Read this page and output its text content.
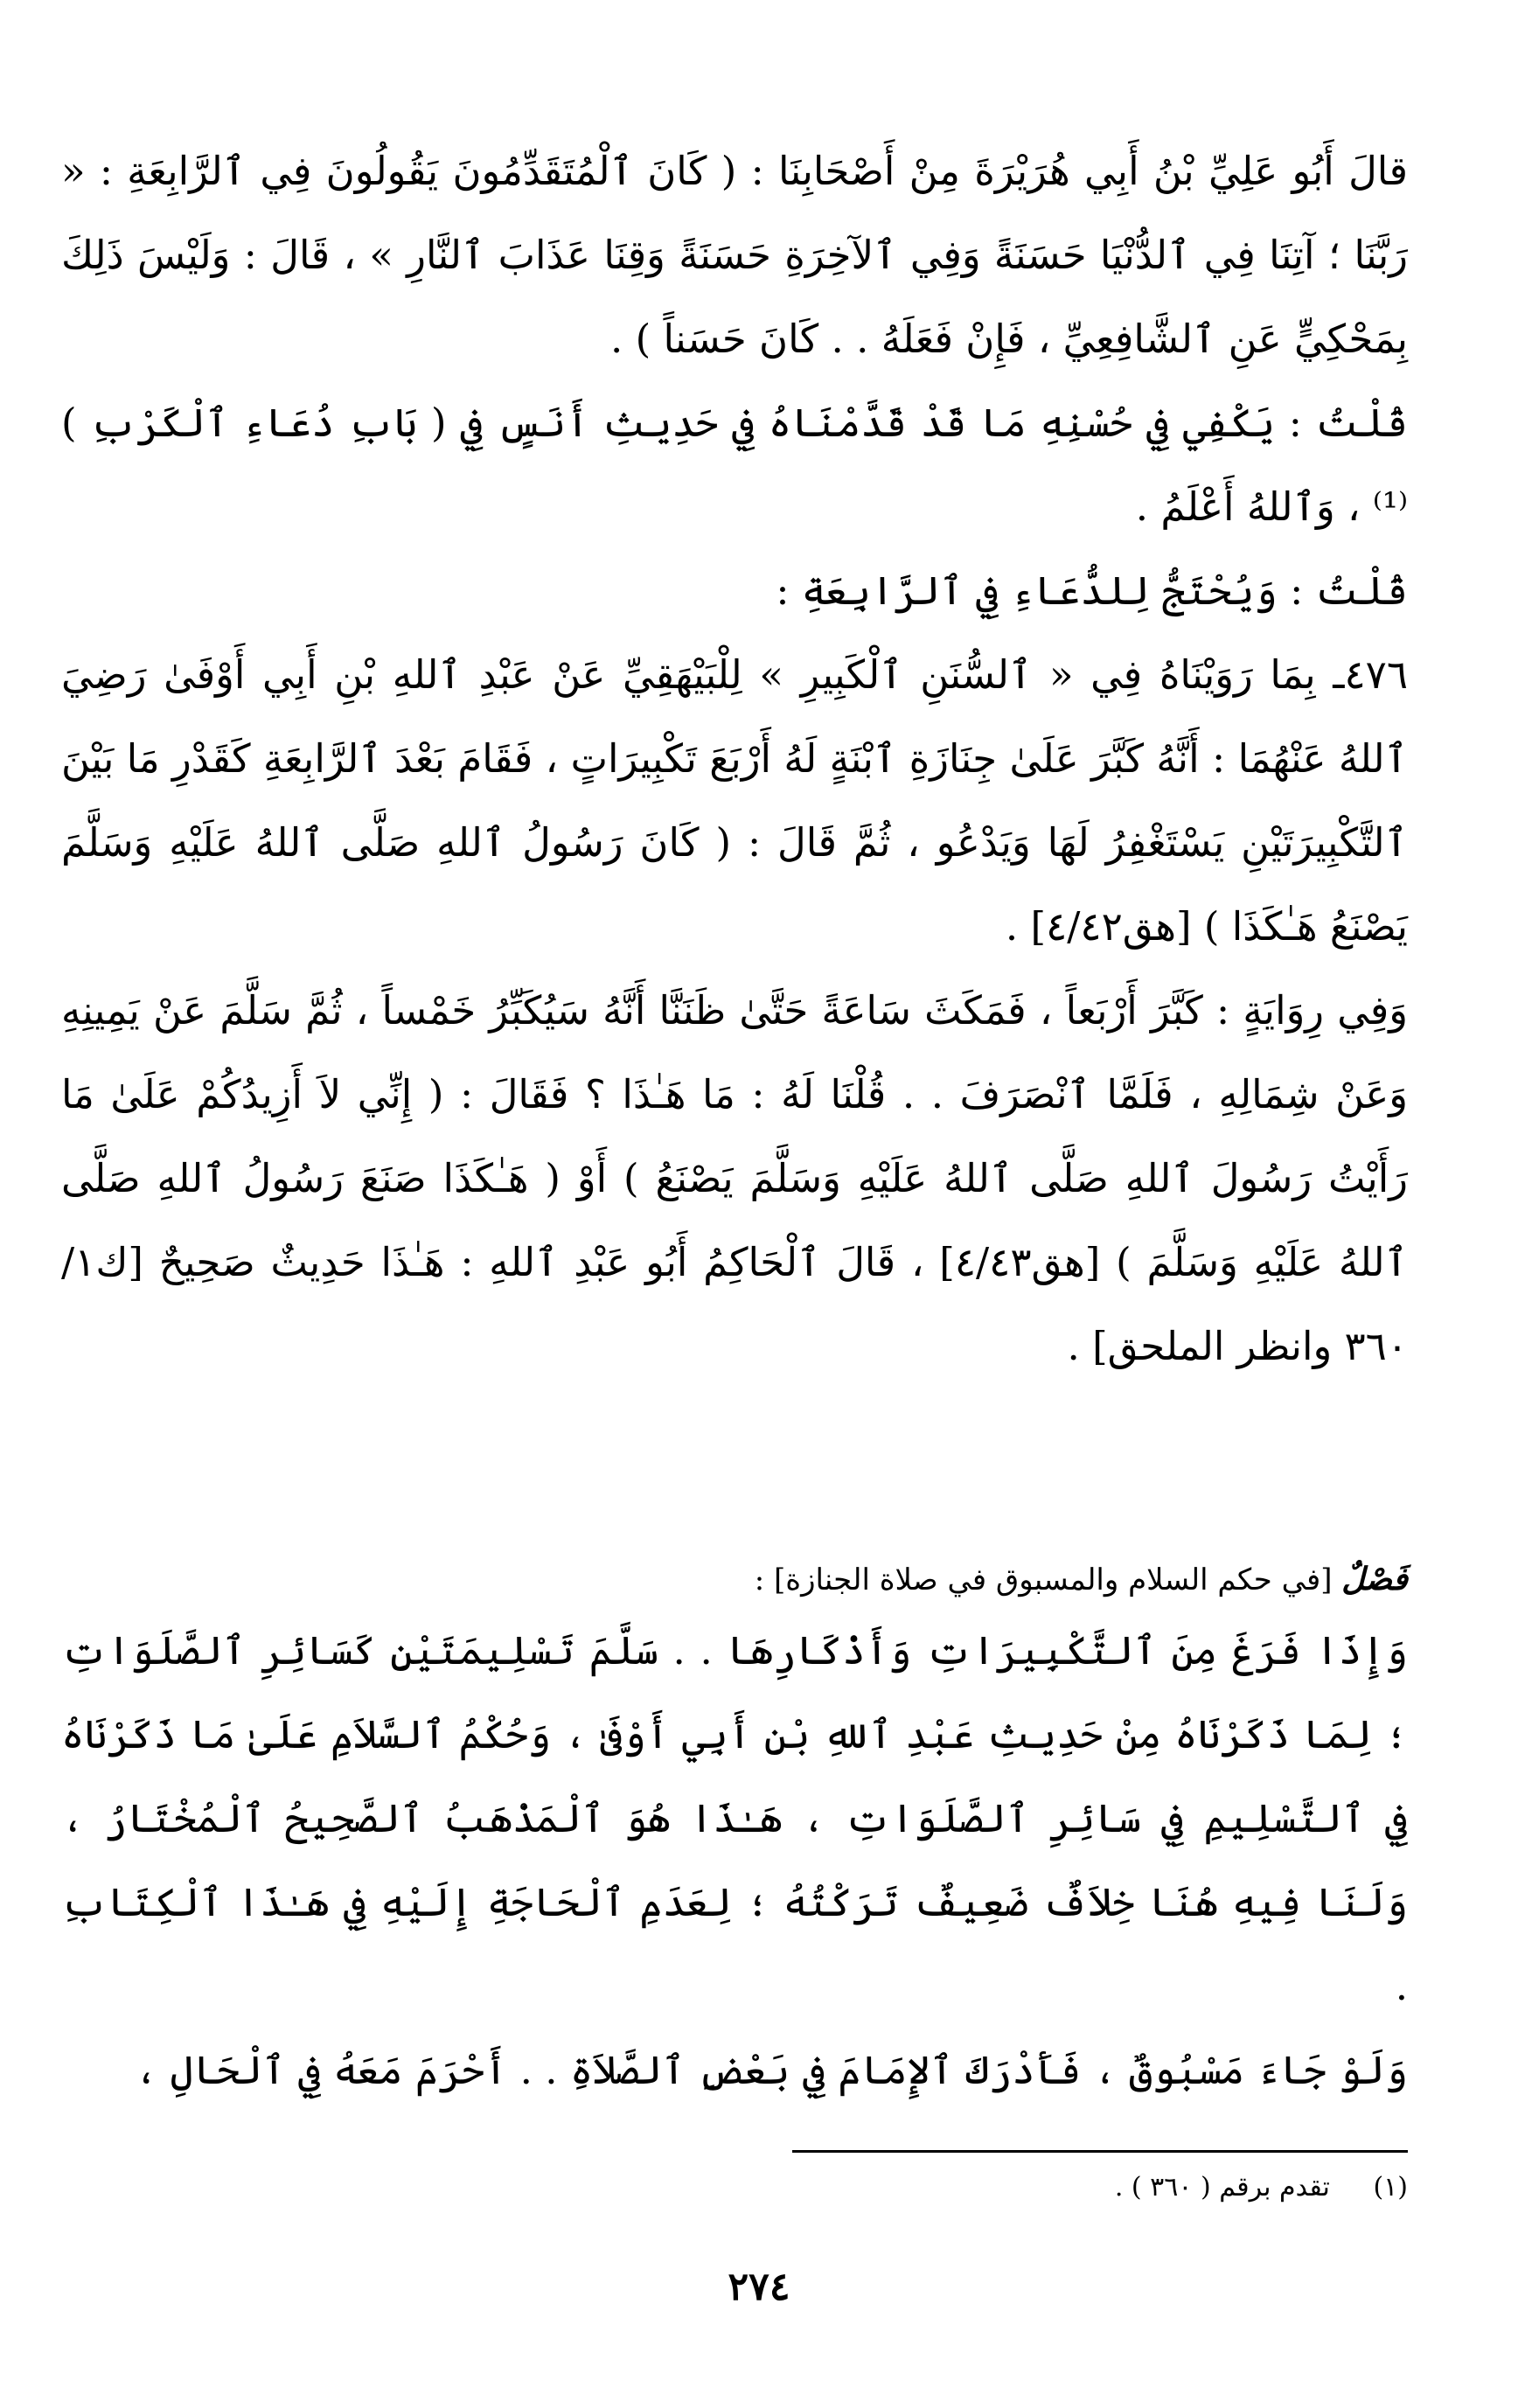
قالَ أَبُو عَلِيِّ بْنُ أَبِي هُرَيْرَةَ مِنْ أَصْحَابِنَا : ( كَانَ ٱلْمُتَقَدِّمُونَ يَقُولُونَ فِي ٱلرَّابِعَةِ : « رَبَّنَا ؛ آتِنَا فِي ٱلدُّنْيَا حَسَنَةً وَفِي ٱلآخِرَةِ حَسَنَةً وَقِنَا عَذَابَ ٱلنَّارِ » ، قَالَ : وَلَيْسَ ذَلِكَ بِمَحْكِيٍّ عَنِ ٱلشَّافِعِيِّ ، فَإِنْ فَعَلَهُ . . كَانَ حَسَناً ) .

قُلْتُ : يَكْفِي فِي حُسْنِهِ مَا قَدْ قَدَّمْنَاهُ فِي حَدِيثِ أَنَسٍ فِي ( بَابِ دُعَاءِ ٱلْكَرْبِ )⁽¹⁾ ، وَٱللهُ أَعْلَمُ .

قُلْتُ : وَيُحْتَجُّ لِلدُّعَاءِ فِي ٱلرَّابِعَةِ :

٤٧٦ـ بِمَا رَوَيْنَاهُ فِي « ٱلسُّنَنِ ٱلْكَبِيرِ » لِلْبَيْهَقِيِّ عَنْ عَبْدِ ٱللهِ بْنِ أَبِي أَوْفَىٰ رَضِيَ ٱللهُ عَنْهُمَا : أَنَّهُ كَبَّرَ عَلَىٰ جِنَازَةِ ٱبْنَةٍ لَهُ أَرْبَعَ تَكْبِيرَاتٍ ، فَقَامَ بَعْدَ ٱلرَّابِعَةِ كَقَدْرِ مَا بَيْنَ ٱلتَّكْبِيرَتَيْنِ يَسْتَغْفِرُ لَهَا وَيَدْعُو ، ثُمَّ قَالَ : ( كَانَ رَسُولُ ٱللهِ صَلَّى ٱللهُ عَلَيْهِ وَسَلَّمَ يَصْنَعُ هَـٰكَذَا ) [هق٤/٤٢] .

وَفِي رِوَايَةٍ : كَبَّرَ أَرْبَعاً ، فَمَكَثَ سَاعَةً حَتَّىٰ ظَنَنَّا أَنَّهُ سَيُكَبِّرُ خَمْساً ، ثُمَّ سَلَّمَ عَنْ يَمِينِهِ وَعَنْ شِمَالِهِ ، فَلَمَّا ٱنْصَرَفَ . . قُلْنَا لَهُ : مَا هَـٰذَا ؟ فَقَالَ : ( إِنِّي لاَ أَزِيدُكُمْ عَلَىٰ مَا رَأَيْتُ رَسُولَ ٱللهِ صَلَّى ٱللهُ عَلَيْهِ وَسَلَّمَ يَصْنَعُ ) أَوْ ( هَـٰكَذَا صَنَعَ رَسُولُ ٱللهِ صَلَّى ٱللهُ عَلَيْهِ وَسَلَّمَ ) [هق٤/٤٣] ، قَالَ ٱلْحَاكِمُ أَبُو عَبْدِ ٱللهِ : هَـٰذَا حَدِيثٌ صَحِيحٌ [ك١/ ٣٦٠ وانظر الملحق] .

فَصْلٌ [في حكم السلام والمسبوق في صلاة الجنازة] :

وَإِذَا فَرَغَ مِنَ ٱلتَّكْبِيرَاتِ وَأَذْكَارِهَا . . سَلَّمَ تَسْلِيمَتَيْنِ كَسَائِرِ ٱلصَّلَوَاتِ ؛ لِمَا ذَكَرْنَاهُ مِنْ حَدِيثِ عَبْدِ ٱللهِ بْنِ أَبِي أَوْفَىٰ ، وَحُكْمُ ٱلسَّلاَمِ عَلَىٰ مَا ذَكَرْنَاهُ فِي ٱلتَّسْلِيمِ فِي سَائِرِ ٱلصَّلَوَاتِ ، هَـٰذَا هُوَ ٱلْمَذْهَبُ ٱلصَّحِيحُ ٱلْمُخْتَارُ ، وَلَنَا فِيهِ هُنَا خِلاَفٌ ضَعِيفٌ تَرَكْتُهُ ؛ لِعَدَمِ ٱلْحَاجَةِ إِلَيْهِ فِي هَـٰذَا ٱلْكِتَابِ .

وَلَوْ جَاءَ مَسْبُوقٌ ، فَأَدْرَكَ ٱلإِمَامَ فِي بَعْضِ ٱلصَّلاَةِ . . أَحْرَمَ مَعَهُ فِي ٱلْحَالِ ،

(١) تقدم برقم ( ٣٦٠ ) .
٢٧٤
